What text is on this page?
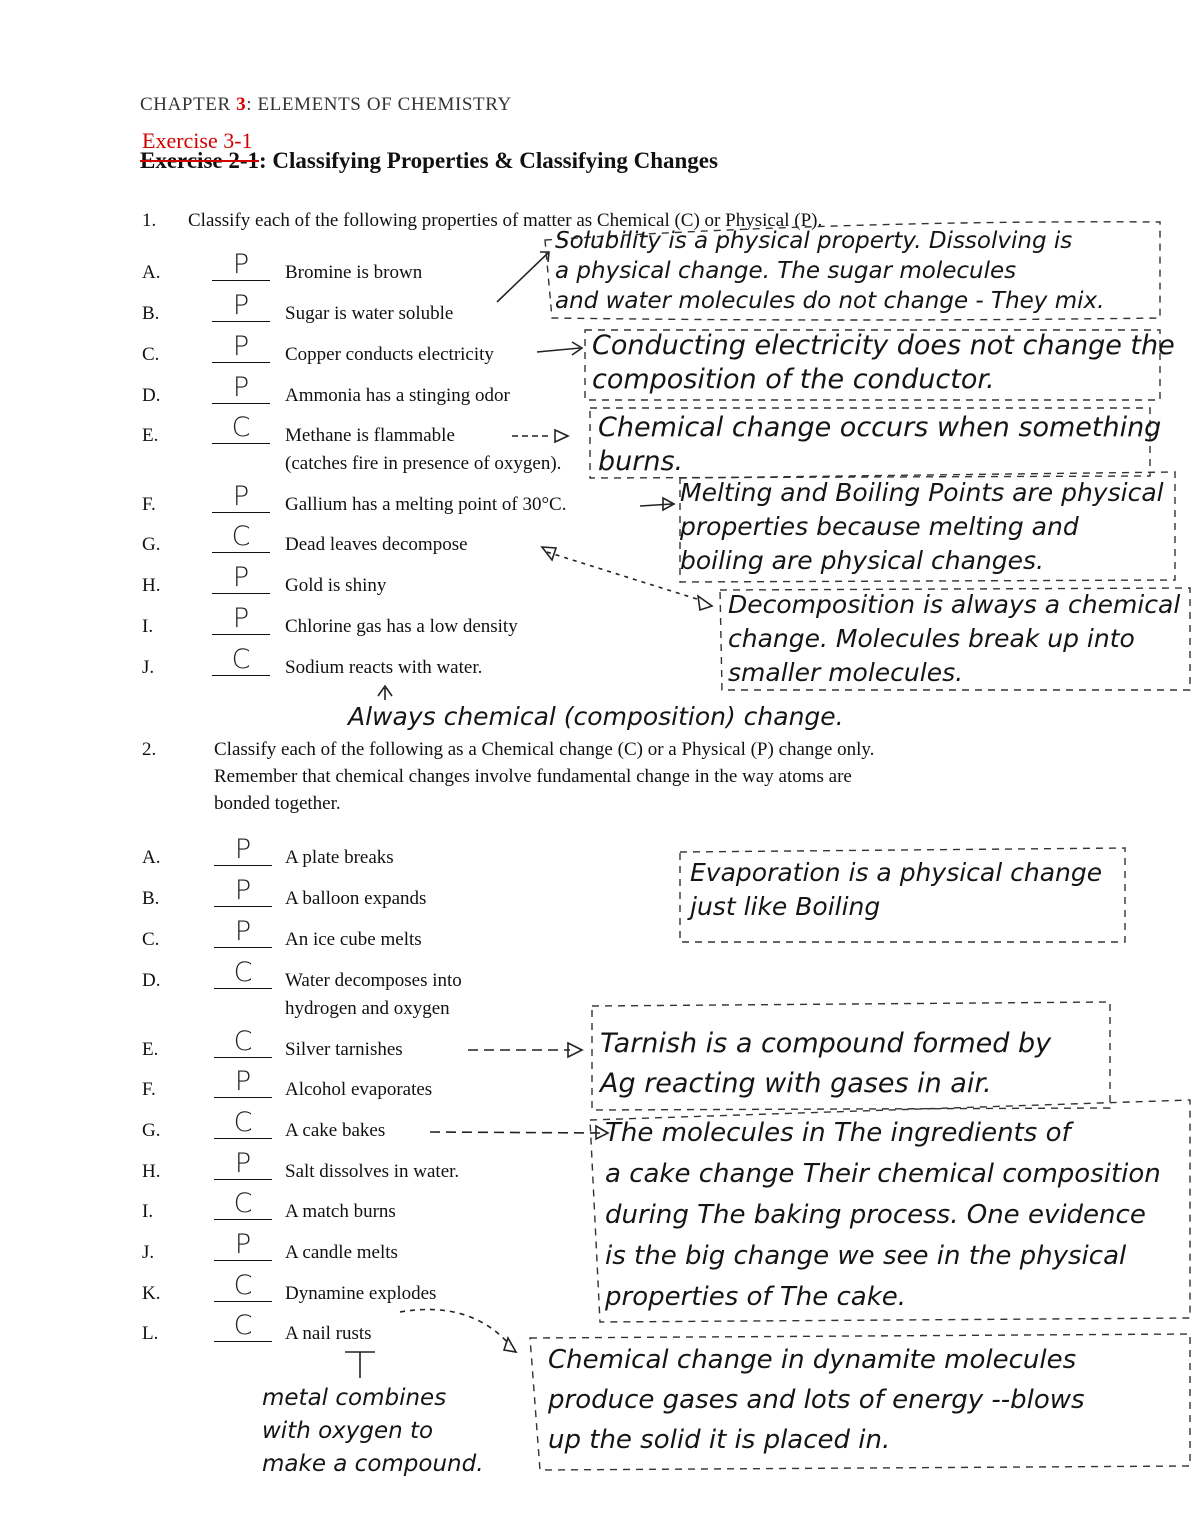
CHAPTER 3: ELEMENTS OF CHEMISTRY
Exercise 3-1
Exercise 2-1: Classifying Properties & Classifying Changes
1. Classify each of the following properties of matter as Chemical (C) or Physical (P).
A.	P	Bromine is brown
B.	P	Sugar is water soluble
C.	P	Copper conducts electricity
D.	P	Ammonia has a stinging odor
E.	C	Methane is flammable
(catches fire in presence of oxygen).
F.	P	Gallium has a melting point of 30°C.
G.	C	Dead leaves decompose
H.	P	Gold is shiny
I.	P	Chlorine gas has a low density
J.	C	Sodium reacts with water.
2.	Classify each of the following as a Chemical change (C) or a Physical (P) change only.
Remember that chemical changes involve fundamental change in the way atoms are
bonded together.
A.	P	A plate breaks
B.	P	A balloon expands
C.	P	An ice cube melts
D.	C	Water decomposes into
hydrogen and oxygen
E.	C	Silver tarnishes
F.	P	Alcohol evaporates
G.	C	A cake bakes
H.	P	Salt dissolves in water.
I.	C	A match burns
J.	P	A candle melts
K.	C	Dynamine explodes
L.	C	A nail rusts
Solubility is a physical property. Dissolving is
a physical change. The sugar molecules
and water molecules do not change - They mix.
Conducting electricity does not change the
composition of the conductor.
Chemical change occurs when something
burns.
Melting and Boiling Points are physical
properties because melting and
boiling are physical changes.
Decomposition is always a chemical
change. Molecules break up into
smaller molecules.
Evaporation is a physical change
just like Boiling
Tarnish is a compound formed by
Ag reacting with gases in air.
The molecules in The ingredients of
a cake change Their chemical composition
during The baking process. One evidence
is the big change we see in the physical
properties of The cake.
Chemical change in dynamite molecules
produce gases and lots of energy --blows
up the solid it is placed in.
metal combines
with oxygen to
make a compound.
Always chemical (composition) change.
